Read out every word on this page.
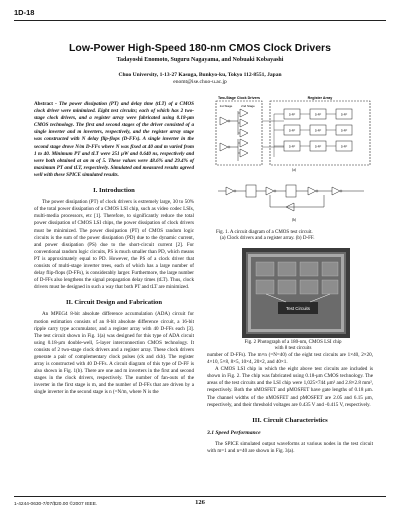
1D-18
Low-Power High-Speed 180-nm CMOS Clock Drivers
Tadayoshi Enomoto, Suguru Nagayama, and Nobuaki Kobayashi
Chuo University, 1-13-27 Kasuga, Bunkyo-ku, Tokyo 112-8551, Japan
enomt@ise.chuo-u.ac.jp
Abstract - The power dissipation (PT) and delay time (tLT) of a CMOS clock driver were minimized. Eight test circuits; each of which has 2 two-stage clock drivers, and a register array were fabricated using 0.18-μm CMOS technology. The first and second stages of the driver consisted of a single inverter and m inverters, respectively, and the register array stage was constructed with N delay flip-flops (D-FFs). A single inverter in the second stage drove N/m D-FFs where N was fixed at 40 and m varied from 1 to 40. Minimum PT and tLT were 251 μW and 0.640 ns, respectively and were both obtained at an m of 5. These values were 48.6% and 29.4% of maximum PT and tLT, respectively. Simulated and measured results agreed well with these SPICE simulated results.
I. Introduction

The power dissipation (PT) of clock drivers is extremely large, 30 to 50% of the total power dissipation of a CMOS LSI chip, such as video codec LSIs, multi-media processors, etc [1]. Therefore, to significantly reduce the total power dissipation of CMOS LSI chips, the power dissipation of clock drivers must be minimized. The power dissipation (PT) of CMOS random logic circuits is the sum of the power dissipation (PD) due to the dynamic current, and power dissipation (PS) due to the short-circuit current [2]. For conventional random logic circuits, PS is much smaller than PD, which means PT is approximately equal to PD. However, the PS of a clock driver that consists of multi-stage inverter trees, each of which has a large number of delay flip-flops (D-FFs), is considerably larger. Furthermore, the large number of D-FFs also lengthens the signal propagation delay times (tLT). Thus, clock drivers must be designed in such a way that both PT and tLT are minimized.

II. Circuit Design and Fabrication

An MPEG4 8-bit absolute difference accumulation (ADA) circuit for motion estimation consists of an 8-bit absolute difference circuit, a 16-bit ripple carry type accumulator, and a register array with 40 D-FFs each [3]. The test circuit shown in Fig. 1(a) was designed for this type of ADA circuit using 0.18-μm double-well, 5-layer interconnection CMOS technology. It consists of 2 two-stage clock drivers and a register array. These clock drivers generate a pair of complementary clock pulses (ck and ckb). The register array is constructed with 40 D-FFs. A circuit diagram of this type of D-FF is also shown in Fig. 1(b). There are one and m inverters in the first and second stages in the clock drivers, respectively. The number of fan-outs of the inverter in the first stage is m, and the number of D-FFs that are driven by a single inverter in the second stage is n (=N/m, where N is the

Two-Stage Clock Drivers
1st Stage	2nd Stage
Register Array
D-FF	D-FF	D-FF
D-FF	D-FF	D-FF
D-FF	D-FF	D-FF
(a)
(b)
Fig. 1. A circuit diagram of a CMOS test circuit.
(a) Clock drivers and a register array. (b) D-FF.
Test Circuits
Fig. 2 Photograph of a 180-nm, CMOS LSI chip
with 8 test circuits

number of D-FFs). The m×n (=N=40) of the eight test circuits are 1×40, 2×20, 4×10, 5×8, 8×5, 10×4, 20×2, and 40×1.

A CMOS LSI chip in which the eight above test circuits are included is shown in Fig. 2. The chip was fabricated using 0.18-μm CMOS technology. The areas of the test circuits and the LSI chip were 1,025×744 μm² and 2.8×2.8 mm², respectively. Both the nMOSFET and pMOSFET have gate lengths of 0.18 μm. The channel widths of the nMOSFET and pMOSFET are 2.05 and 6.15 μm, respectively, and their threshold voltages are 0.435 V and -0.415 V, respectively.

III. Circuit Characteristics
3.1 Speed Performance

The SPICE simulated output waveforms at various nodes in the test circuit with m=1 and n=40 are shown in Fig. 3(a).

1-4244-0630-7/07/$20.00 ©2007 IEEE.	126
